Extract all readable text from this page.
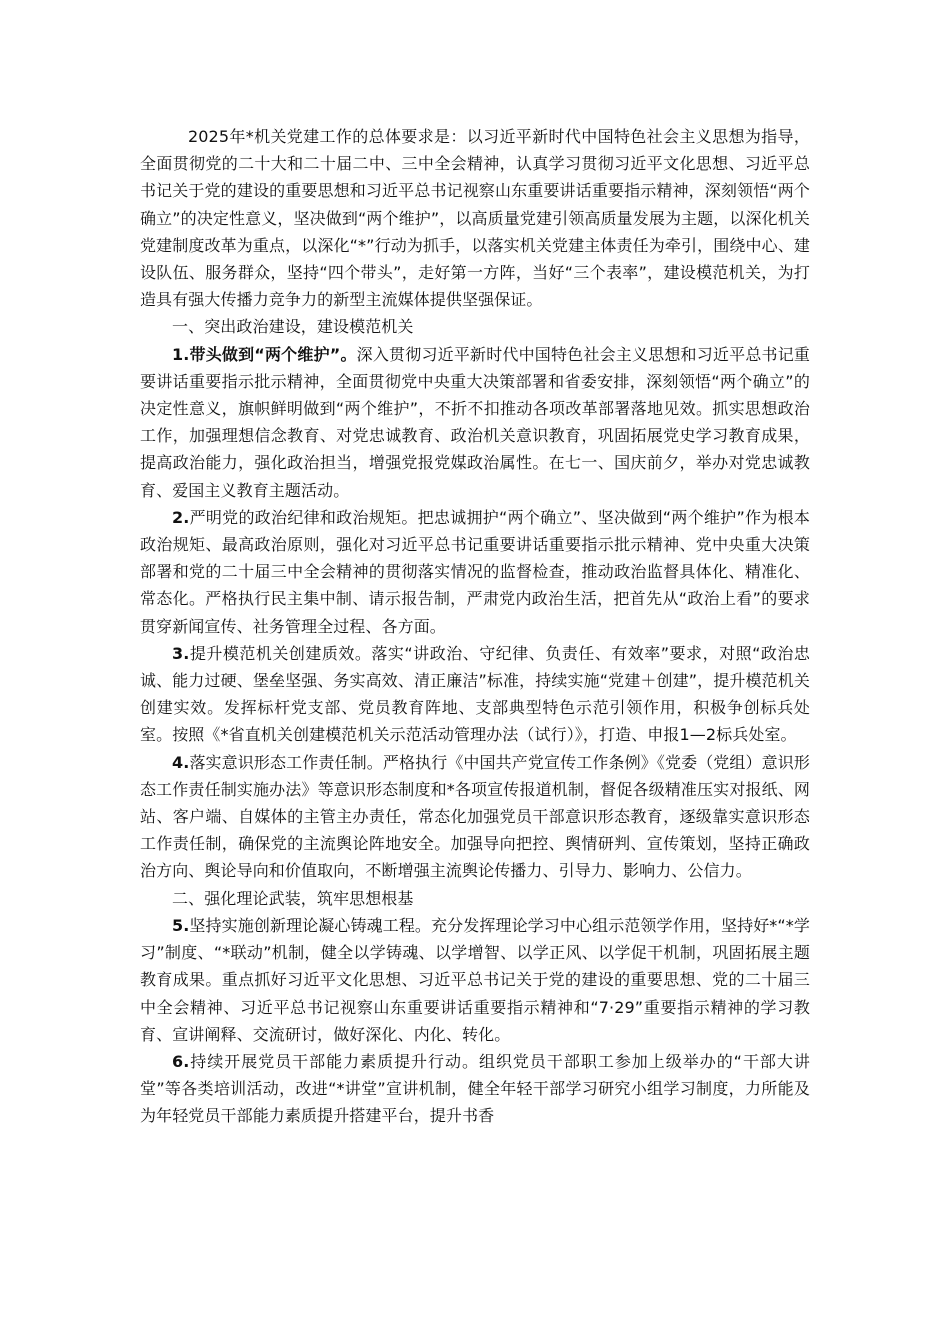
2025年*机关党建工作的总体要求是：以习近平新时代中国特色社会主义思想为指导，全面贯彻党的二十大和二十届二中、三中全会精神，认真学习贯彻习近平文化思想、习近平总书记关于党的建设的重要思想和习近平总书记视察山东重要讲话重要指示精神，深刻领悟“两个确立”的决定性意义，坚决做到“两个维护”，以高质量党建引领高质量发展为主题，以深化机关党建制度改革为重点，以深化“*”行动为抓手，以落实机关党建主体责任为牵引，围绕中心、建设队伍、服务群众，坚持“四个带头”，走好第一方阵，当好“三个表率”，建设模范机关，为打造具有强大传播力竞争力的新型主流媒体提供坚强保证。

一、突出政治建设，建设模范机关

1.带头做到“两个维护”。深入贯彻习近平新时代中国特色社会主义思想和习近平总书记重要讲话重要指示批示精神，全面贯彻党中央重大决策部署和省委安排，深刻领悟“两个确立”的决定性意义，旗帜鲜明做到“两个维护”，不折不扣推动各项改革部署落地见效。抓实思想政治工作，加强理想信念教育、对党忠诚教育、政治机关意识教育，巩固拓展党史学习教育成果，提高政治能力，强化政治担当，增强党报党媒政治属性。在七一、国庆前夕，举办对党忠诚教育、爱国主义教育主题活动。

2.严明党的政治纪律和政治规矩。把忠诚拥护“两个确立”、坚决做到“两个维护”作为根本政治规矩、最高政治原则，强化对习近平总书记重要讲话重要指示批示精神、党中央重大决策部署和党的二十届三中全会精神的贯彻落实情况的监督检查，推动政治监督具体化、精准化、常态化。严格执行民主集中制、请示报告制，严肃党内政治生活，把首先从“政治上看”的要求贯穿新闻宣传、社务管理全过程、各方面。

3.提升模范机关创建质效。落实“讲政治、守纪律、负责任、有效率”要求，对照“政治忠诚、能力过硬、堡垒坚强、务实高效、清正廉洁”标准，持续实施“党建＋创建”，提升模范机关创建实效。发挥标杆党支部、党员教育阵地、支部典型特色示范引领作用，积极争创标兵处室。按照《*省直机关创建模范机关示范活动管理办法（试行）》，打造、申报1—2标兵处室。

4.落实意识形态工作责任制。严格执行《中国共产党宣传工作条例》《党委（党组）意识形态工作责任制实施办法》等意识形态制度和*各项宣传报道机制，督促各级精准压实对报纸、网站、客户端、自媒体的主管主办责任，常态化加强党员干部意识形态教育，逐级靠实意识形态工作责任制，确保党的主流舆论阵地安全。加强导向把控、舆情研判、宣传策划，坚持正确政治方向、舆论导向和价值取向，不断增强主流舆论传播力、引导力、影响力、公信力。

二、强化理论武装，筑牢思想根基

5.坚持实施创新理论凝心铸魂工程。充分发挥理论学习中心组示范领学作用，坚持好*“*学习”制度、“*联动”机制，健全以学铸魂、以学增智、以学正风、以学促干机制，巩固拓展主题教育成果。重点抓好习近平文化思想、习近平总书记关于党的建设的重要思想、党的二十届三中全会精神、习近平总书记视察山东重要讲话重要指示精神和“7·29”重要指示精神的学习教育、宣讲阐释、交流研讨，做好深化、内化、转化。

6.持续开展党员干部能力素质提升行动。组织党员干部职工参加上级举办的“干部大讲堂”等各类培训活动，改进“*讲堂”宣讲机制，健全年轻干部学习研究小组学习制度，力所能及为年轻党员干部能力素质提升搭建平台，提升书香
